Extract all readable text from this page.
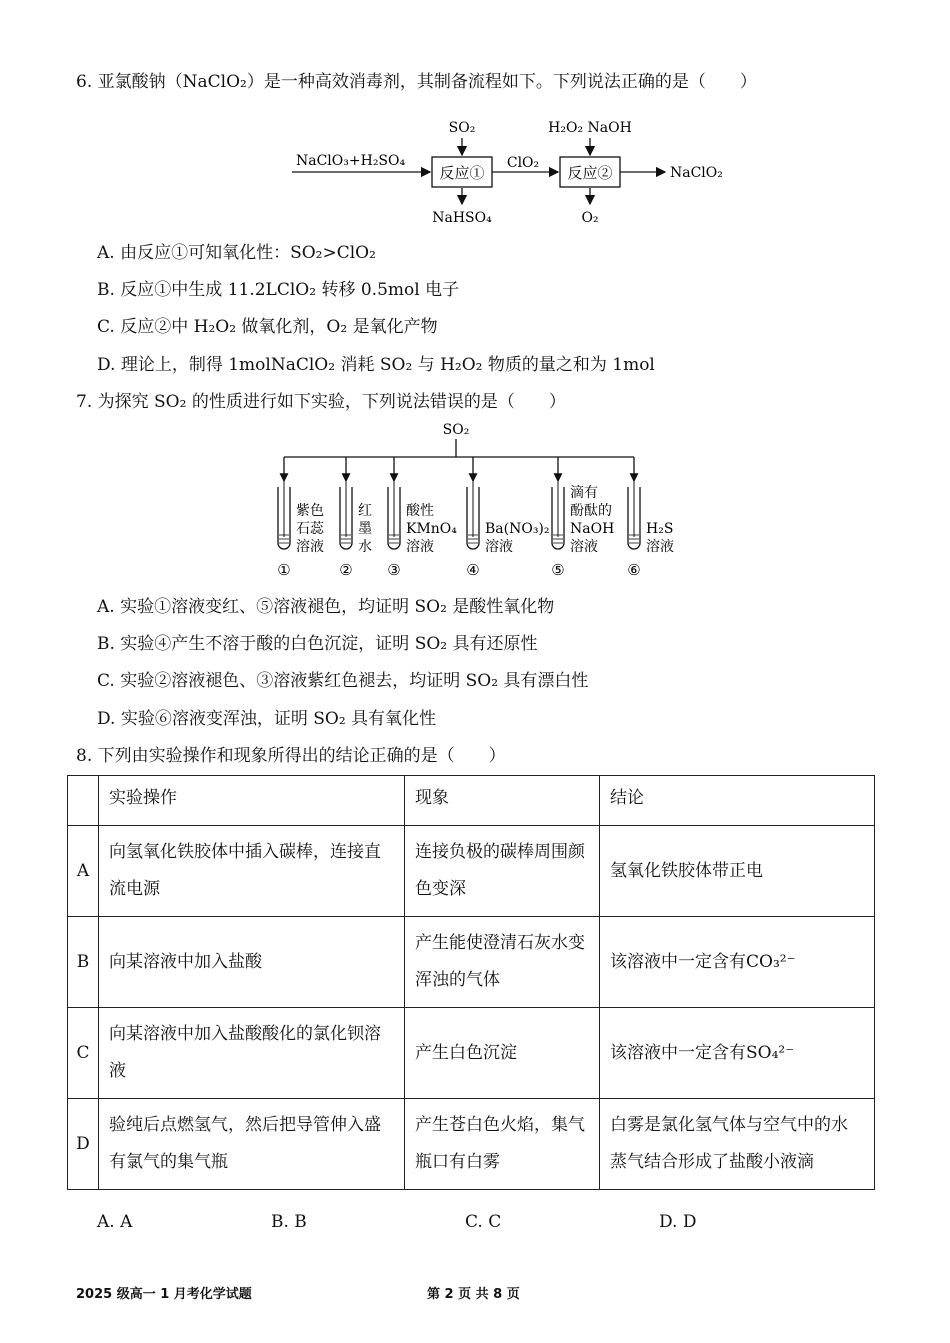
6. 亚氯酸钠（NaClO₂）是一种高效消毒剂，其制备流程如下。下列说法正确的是（　　）
NaClO₃+H₂SO₄
反应①
SO₂
NaHSO₄
ClO₂
反应②
H₂O₂ NaOH
O₂
NaClO₂
A. 由反应①可知氧化性：SO₂>ClO₂
B. 反应①中生成 11.2LClO₂ 转移 0.5mol 电子
C. 反应②中 H₂O₂ 做氧化剂，O₂ 是氧化产物
D. 理论上，制得 1molNaClO₂ 消耗 SO₂ 与 H₂O₂ 物质的量之和为 1mol
7. 为探究 SO₂ 的性质进行如下实验，下列说法错误的是（　　）
SO₂
①
紫色
石蕊
溶液
②
红
墨
水
③
酸性
KMnO₄
溶液
④
Ba(NO₃)₂
溶液
⑤
滴有
酚酞的
NaOH
溶液
⑥
H₂S
溶液
A. 实验①溶液变红、⑤溶液褪色，均证明 SO₂ 是酸性氧化物
B. 实验④产生不溶于酸的白色沉淀，证明 SO₂ 具有还原性
C. 实验②溶液褪色、③溶液紫红色褪去，均证明 SO₂ 具有漂白性
D. 实验⑥溶液变浑浊，证明 SO₂ 具有氧化性
8. 下列由实验操作和现象所得出的结论正确的是（　　）
	实验操作	现象	结论
A	向氢氧化铁胶体中插入碳棒，连接直流电源	连接负极的碳棒周围颜色变深	氢氧化铁胶体带正电
B	向某溶液中加入盐酸	产生能使澄清石灰水变浑浊的气体	该溶液中一定含有CO₃²⁻
C	向某溶液中加入盐酸酸化的氯化钡溶液	产生白色沉淀	该溶液中一定含有SO₄²⁻
D	验纯后点燃氢气，然后把导管伸入盛有氯气的集气瓶	产生苍白色火焰，集气瓶口有白雾	白雾是氯化氢气体与空气中的水蒸气结合形成了盐酸小液滴
A. A	B. B	C. C	D. D
2025 级高一 1 月考化学试题	第 2 页 共 8 页
